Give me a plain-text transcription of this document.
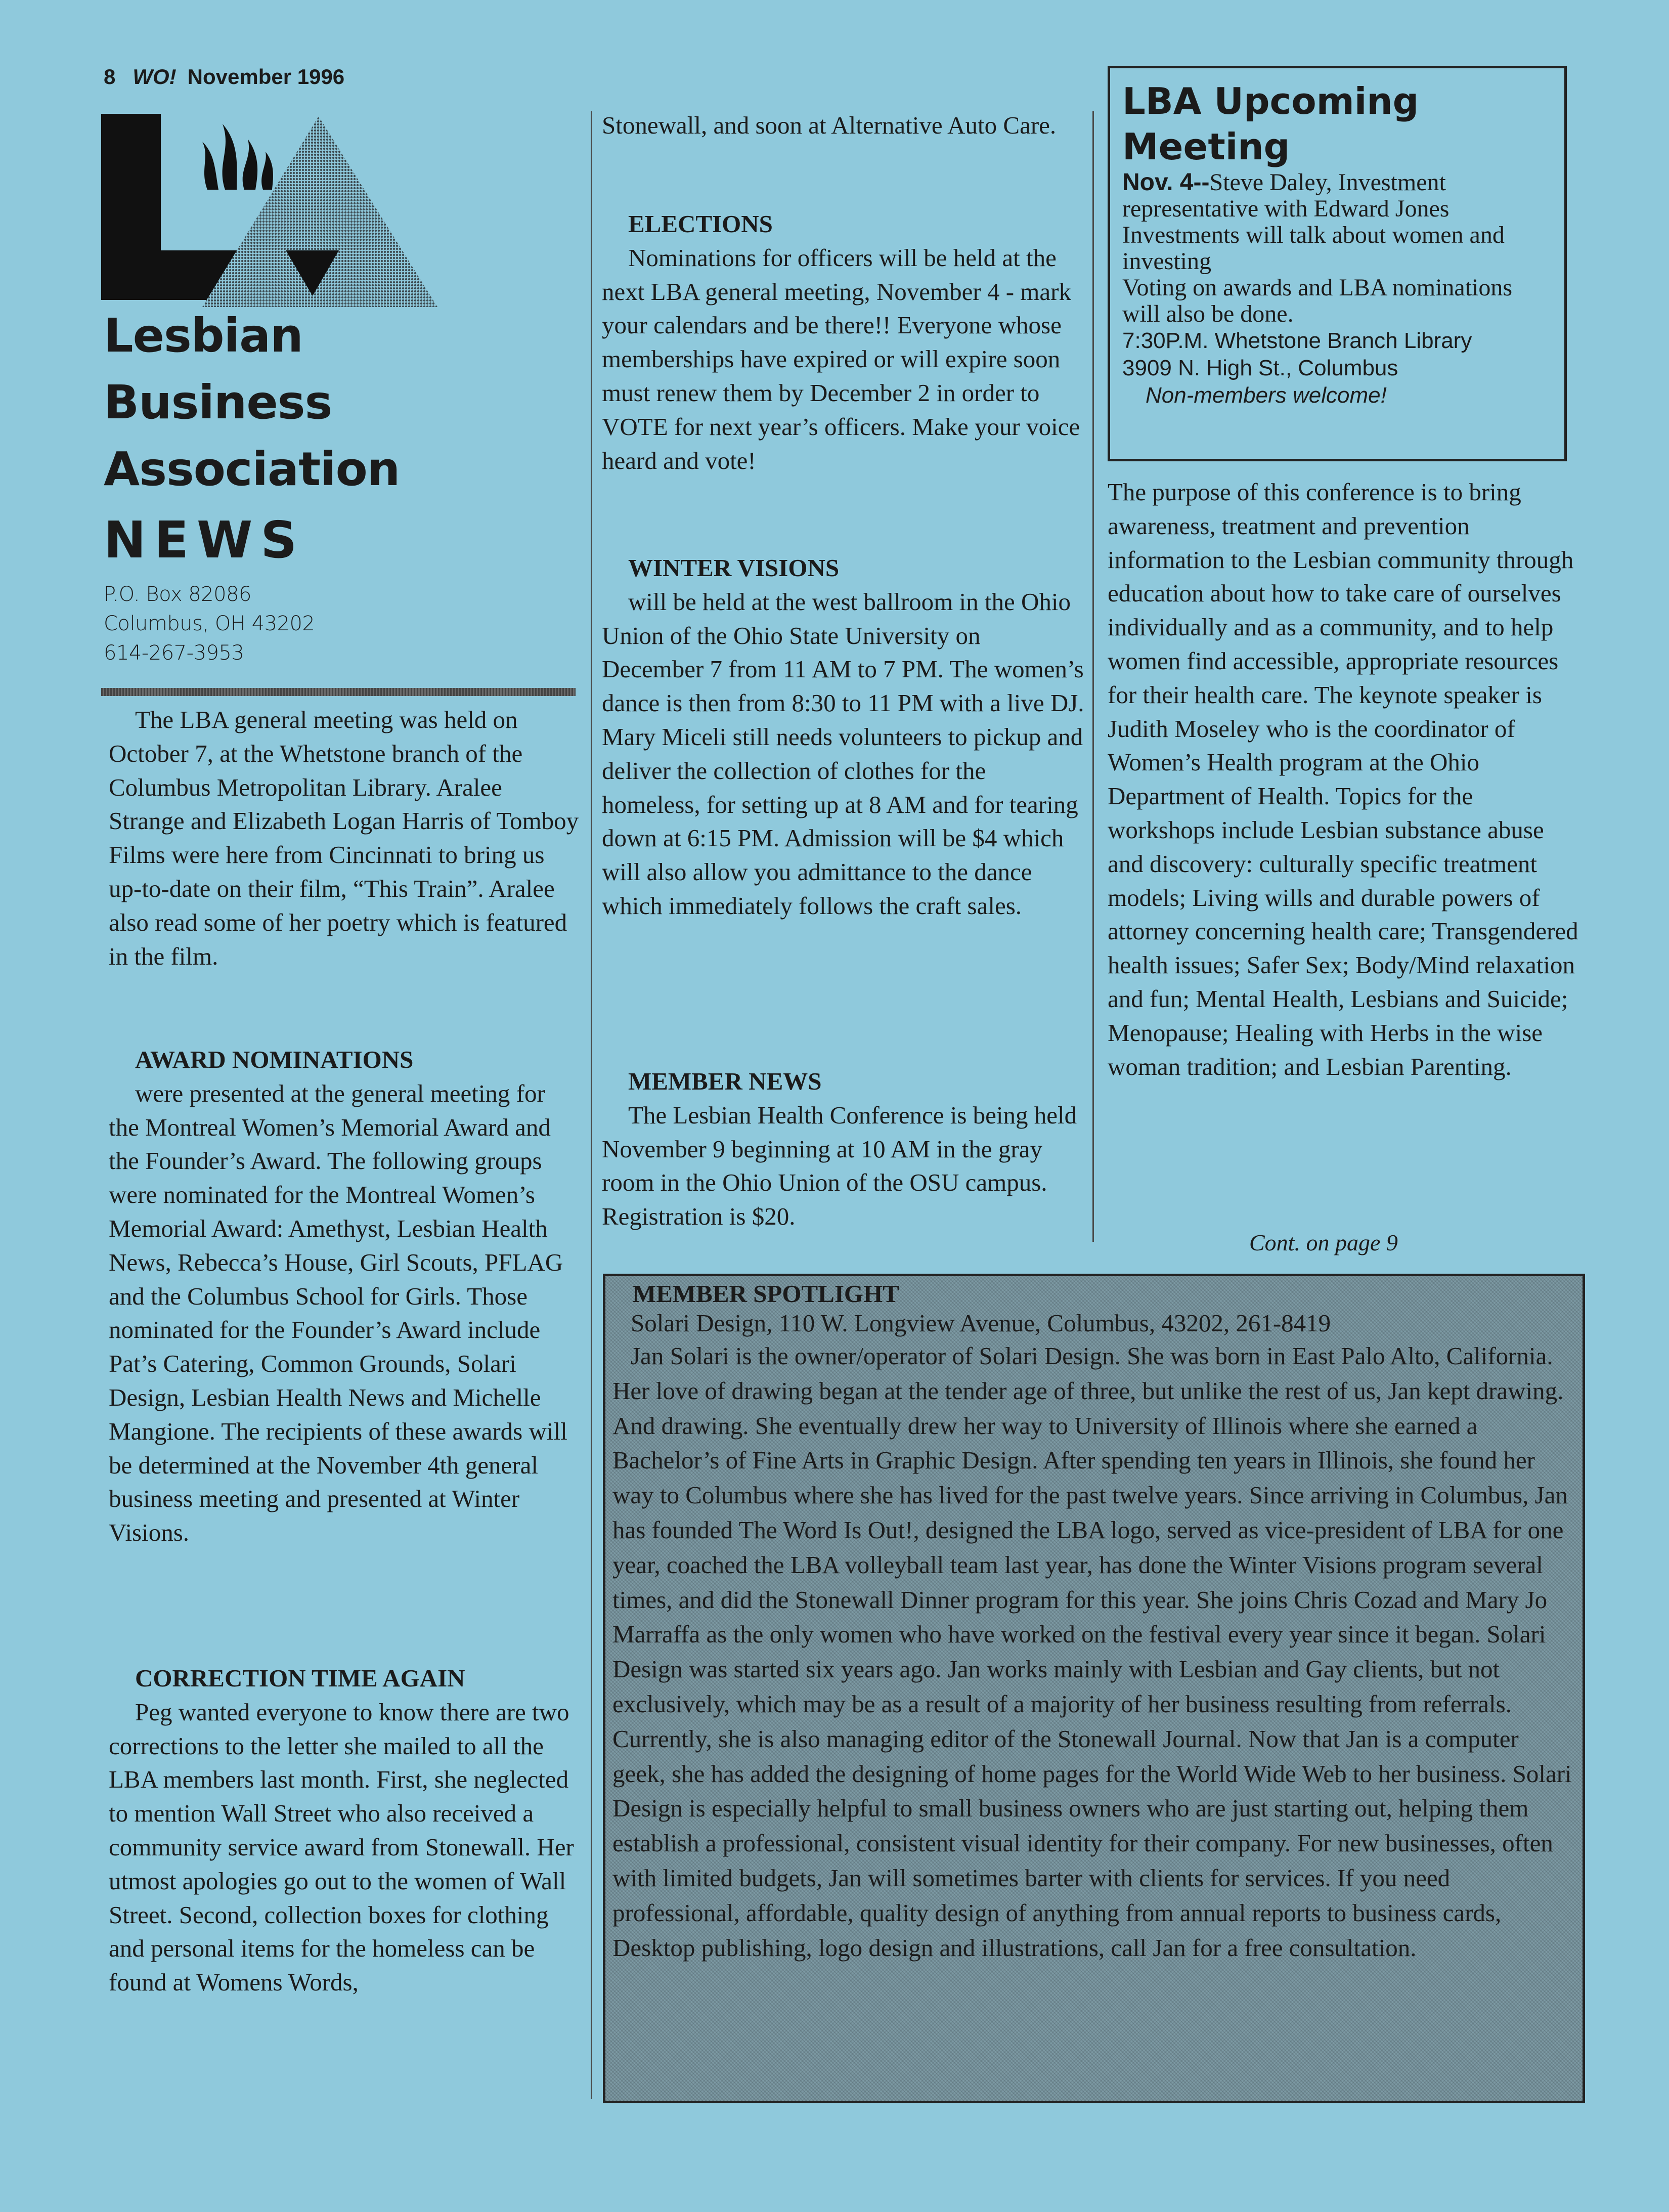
8 WO! November 1996
Lesbian
Business
Association
NEWS
P.O. Box 82086
Columbus, OH 43202
614-267-3953

The LBA general meeting was held on October 7, at the Whetstone branch of the Columbus Metropolitan Library. Aralee Strange and Elizabeth Logan Harris of Tomboy Films were here from Cincinnati to bring us up-to-date on their film, “This Train”. Aralee also read some of her poetry which is featured in the film.

AWARD NOMINATIONS

were presented at the general meeting for the Montreal Women’s Memorial Award and the Founder’s Award. The following groups were nominated for the Montreal Women’s Memorial Award: Amethyst, Lesbian Health News, Rebecca’s House, Girl Scouts, PFLAG and the Columbus School for Girls. Those nominated for the Founder’s Award include Pat’s Catering, Common Grounds, Solari Design, Lesbian Health News and Michelle Mangione. The recipients of these awards will be determined at the November 4th general business meeting and presented at Winter Visions.

CORRECTION TIME AGAIN

Peg wanted everyone to know there are two corrections to the letter she mailed to all the LBA members last month. First, she neglected to mention Wall Street who also received a community service award from Stonewall. Her utmost apologies go out to the women of Wall Street. Second, collection boxes for clothing and personal items for the homeless can be found at Womens Words,

Stonewall, and soon at Alternative Auto Care.

ELECTIONS

Nominations for officers will be held at the next LBA general meeting, November 4 - mark your calendars and be there!! Everyone whose memberships have expired or will expire soon must renew them by December 2 in order to VOTE for next year’s officers. Make your voice heard and vote!

WINTER VISIONS

will be held at the west ballroom in the Ohio Union of the Ohio State University on December 7 from 11 AM to 7 PM. The women’s dance is then from 8:30 to 11 PM with a live DJ. Mary Miceli still needs volunteers to pickup and deliver the collection of clothes for the homeless, for setting up at 8 AM and for tearing down at 6:15 PM. Admission will be $4 which will also allow you admittance to the dance which immediately follows the craft sales.

MEMBER NEWS

The Lesbian Health Conference is being held November 9 beginning at 10 AM in the gray room in the Ohio Union of the OSU campus. Registration is $20.

LBA Upcoming Meeting
Nov. 4--Steve Daley, Investment representative with Edward Jones Investments will talk about women and investing
Voting on awards and LBA nominations will also be done.
7:30P.M. Whetstone Branch Library
3909 N. High St., Columbus
Non-members welcome!

The purpose of this conference is to bring awareness, treatment and prevention information to the Lesbian community through education about how to take care of ourselves individually and as a community, and to help women find accessible, appropriate resources for their health care. The keynote speaker is Judith Moseley who is the coordinator of Women’s Health program at the Ohio Department of Health. Topics for the workshops include Lesbian substance abuse and discovery: culturally specific treatment models; Living wills and durable powers of attorney concerning health care; Transgendered health issues; Safer Sex; Body/Mind relaxation and fun; Mental Health, Lesbians and Suicide; Menopause; Healing with Herbs in the wise woman tradition; and Lesbian Parenting.

Cont. on page 9
MEMBER SPOTLIGHT

Solari Design, 110 W. Longview Avenue, Columbus, 43202, 261-8419

Jan Solari is the owner/operator of Solari Design. She was born in East Palo Alto, California. Her love of drawing began at the tender age of three, but unlike the rest of us, Jan kept drawing. And drawing. She eventually drew her way to University of Illinois where she earned a Bachelor’s of Fine Arts in Graphic Design. After spending ten years in Illinois, she found her way to Columbus where she has lived for the past twelve years. Since arriving in Columbus, Jan has founded The Word Is Out!, designed the LBA logo, served as vice-president of LBA for one year, coached the LBA volleyball team last year, has done the Winter Visions program several times, and did the Stonewall Dinner program for this year. She joins Chris Cozad and Mary Jo Marraffa as the only women who have worked on the festival every year since it began. Solari Design was started six years ago. Jan works mainly with Lesbian and Gay clients, but not exclusively, which may be as a result of a majority of her business resulting from referrals. Currently, she is also managing editor of the Stonewall Journal. Now that Jan is a computer geek, she has added the designing of home pages for the World Wide Web to her business. Solari Design is especially helpful to small business owners who are just starting out, helping them establish a professional, consistent visual identity for their company. For new businesses, often with limited budgets, Jan will sometimes barter with clients for services. If you need professional, affordable, quality design of anything from annual reports to business cards, Desktop publishing, logo design and illustrations, call Jan for a free consultation.
